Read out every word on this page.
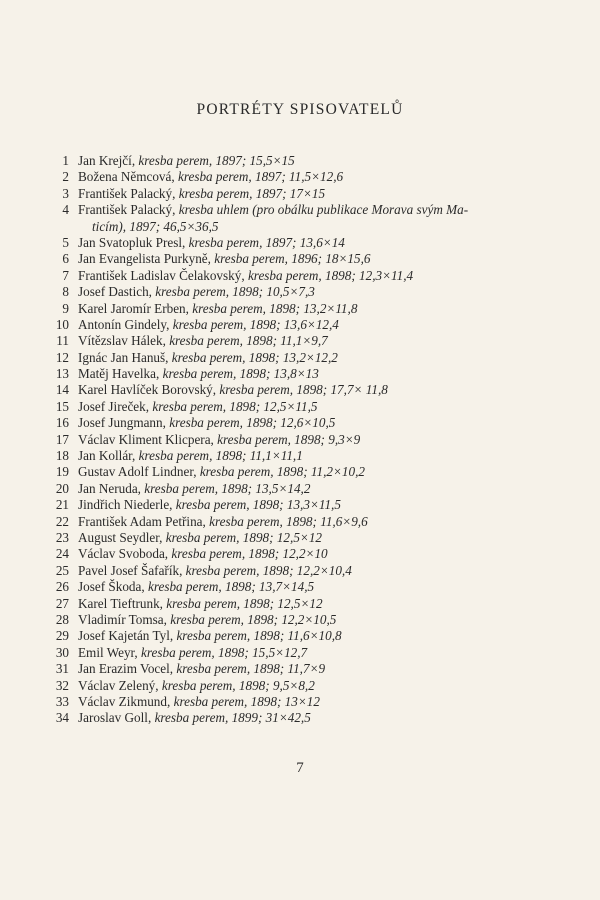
PORTRÉTY SPISOVATELŮ
1 Jan Krejčí, kresba perem, 1897; 15,5×15
2 Božena Němcová, kresba perem, 1897; 11,5×12,6
3 František Palacký, kresba perem, 1897; 17×15
4 František Palacký, kresba uhlem (pro obálku publikace Morava svým Ma-
ticím), 1897; 46,5×36,5
5 Jan Svatopluk Presl, kresba perem, 1897; 13,6×14
6 Jan Evangelista Purkyně, kresba perem, 1896; 18×15,6
7 František Ladislav Čelakovský, kresba perem, 1898; 12,3×11,4
8 Josef Dastich, kresba perem, 1898; 10,5×7,3
9 Karel Jaromír Erben, kresba perem, 1898; 13,2×11,8
10 Antonín Gindely, kresba perem, 1898; 13,6×12,4
11 Vítězslav Hálek, kresba perem, 1898; 11,1×9,7
12 Ignác Jan Hanuš, kresba perem, 1898; 13,2×12,2
13 Matěj Havelka, kresba perem, 1898; 13,8×13
14 Karel Havlíček Borovský, kresba perem, 1898; 17,7× 11,8
15 Josef Jireček, kresba perem, 1898; 12,5×11,5
16 Josef Jungmann, kresba perem, 1898; 12,6×10,5
17 Václav Kliment Klicpera, kresba perem, 1898; 9,3×9
18 Jan Kollár, kresba perem, 1898; 11,1×11,1
19 Gustav Adolf Lindner, kresba perem, 1898; 11,2×10,2
20 Jan Neruda, kresba perem, 1898; 13,5×14,2
21 Jindřich Niederle, kresba perem, 1898; 13,3×11,5
22 František Adam Petřina, kresba perem, 1898; 11,6×9,6
23 August Seydler, kresba perem, 1898; 12,5×12
24 Václav Svoboda, kresba perem, 1898; 12,2×10
25 Pavel Josef Šafařík, kresba perem, 1898; 12,2×10,4
26 Josef Škoda, kresba perem, 1898; 13,7×14,5
27 Karel Tieftrunk, kresba perem, 1898; 12,5×12
28 Vladimír Tomsa, kresba perem, 1898; 12,2×10,5
29 Josef Kajetán Tyl, kresba perem, 1898; 11,6×10,8
30 Emil Weyr, kresba perem, 1898; 15,5×12,7
31 Jan Erazim Vocel, kresba perem, 1898; 11,7×9
32 Václav Zelený, kresba perem, 1898; 9,5×8,2
33 Václav Zikmund, kresba perem, 1898; 13×12
34 Jaroslav Goll, kresba perem, 1899; 31×42,5
7
